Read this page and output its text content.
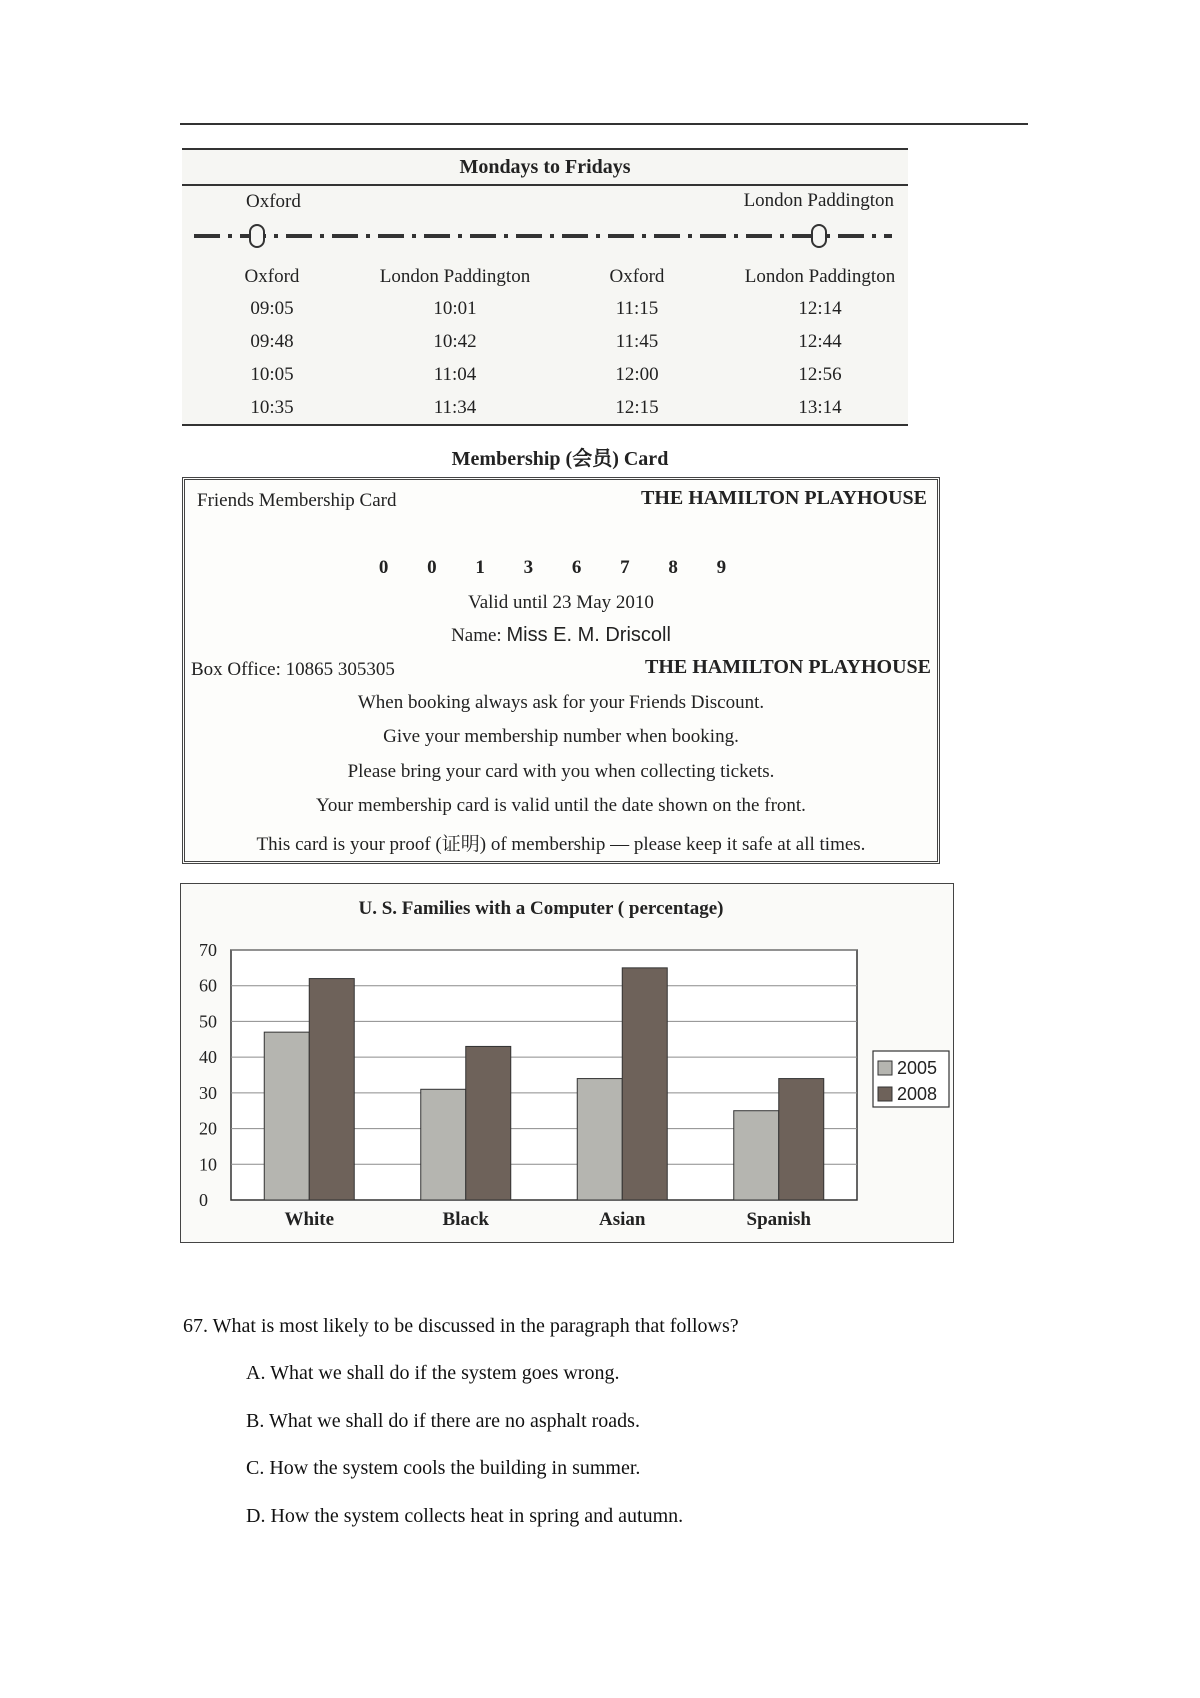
Mondays to Fridays
Oxford	London Paddington
Oxford	London Paddington	Oxford	London Paddington
09:05	10:01	11:15	12:14
09:48	10:42	11:45	12:44
10:05	11:04	12:00	12:56
10:35	11:34	12:15	13:14
Membership (会员) Card
Friends Membership Card	THE HAMILTON PLAYHOUSE
0 0 1 3 6 7 8 9
Valid until 23 May 2010
Name: Miss E. M. Driscoll
Box Office: 10865 305305	THE HAMILTON PLAYHOUSE
When booking always ask for your Friends Discount.
Give your membership number when booking.
Please bring your card with you when collecting tickets.
Your membership card is valid until the date shown on the front.
This card is your proof (证明) of membership — please keep it safe at all times.
U. S. Families with a Computer ( percentage)
0
10
20
30
40
50
60
70
White	Black	Asian	Spanish
2005
2008
67. What is most likely to be discussed in the paragraph that follows?
A. What we shall do if the system goes wrong.
B. What we shall do if there are no asphalt roads.
C. How the system cools the building in summer.
D. How the system collects heat in spring and autumn.
